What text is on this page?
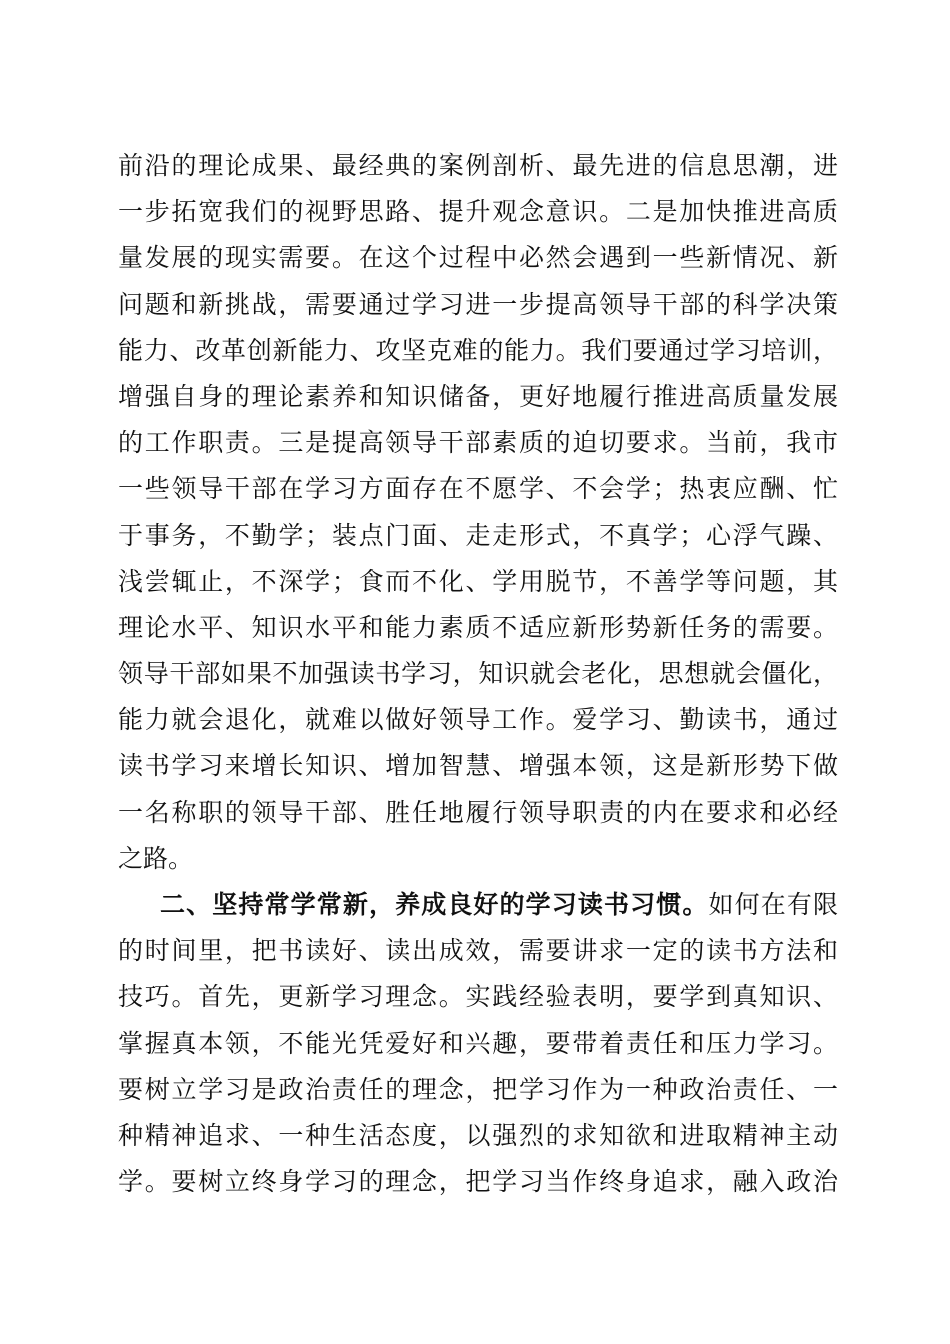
前沿的理论成果、最经典的案例剖析、最先进的信息思潮，进
一步拓宽我们的视野思路、提升观念意识。二是加快推进高质
量发展的现实需要。在这个过程中必然会遇到一些新情况、新
问题和新挑战，需要通过学习进一步提高领导干部的科学决策
能力、改革创新能力、攻坚克难的能力。我们要通过学习培训，
增强自身的理论素养和知识储备，更好地履行推进高质量发展
的工作职责。三是提高领导干部素质的迫切要求。当前，我市
一些领导干部在学习方面存在不愿学、不会学；热衷应酬、忙
于事务，不勤学；装点门面、走走形式，不真学；心浮气躁、
浅尝辄止，不深学；食而不化、学用脱节，不善学等问题，其
理论水平、知识水平和能力素质不适应新形势新任务的需要。
领导干部如果不加强读书学习，知识就会老化，思想就会僵化，
能力就会退化，就难以做好领导工作。爱学习、勤读书，通过
读书学习来增长知识、增加智慧、增强本领，这是新形势下做
一名称职的领导干部、胜任地履行领导职责的内在要求和必经
之路。
二、坚持常学常新，养成良好的学习读书习惯。如何在有限
的时间里，把书读好、读出成效，需要讲求一定的读书方法和
技巧。首先，更新学习理念。实践经验表明，要学到真知识、
掌握真本领，不能光凭爱好和兴趣，要带着责任和压力学习。
要树立学习是政治责任的理念，把学习作为一种政治责任、一
种精神追求、一种生活态度，以强烈的求知欲和进取精神主动
学。要树立终身学习的理念，把学习当作终身追求，融入政治
